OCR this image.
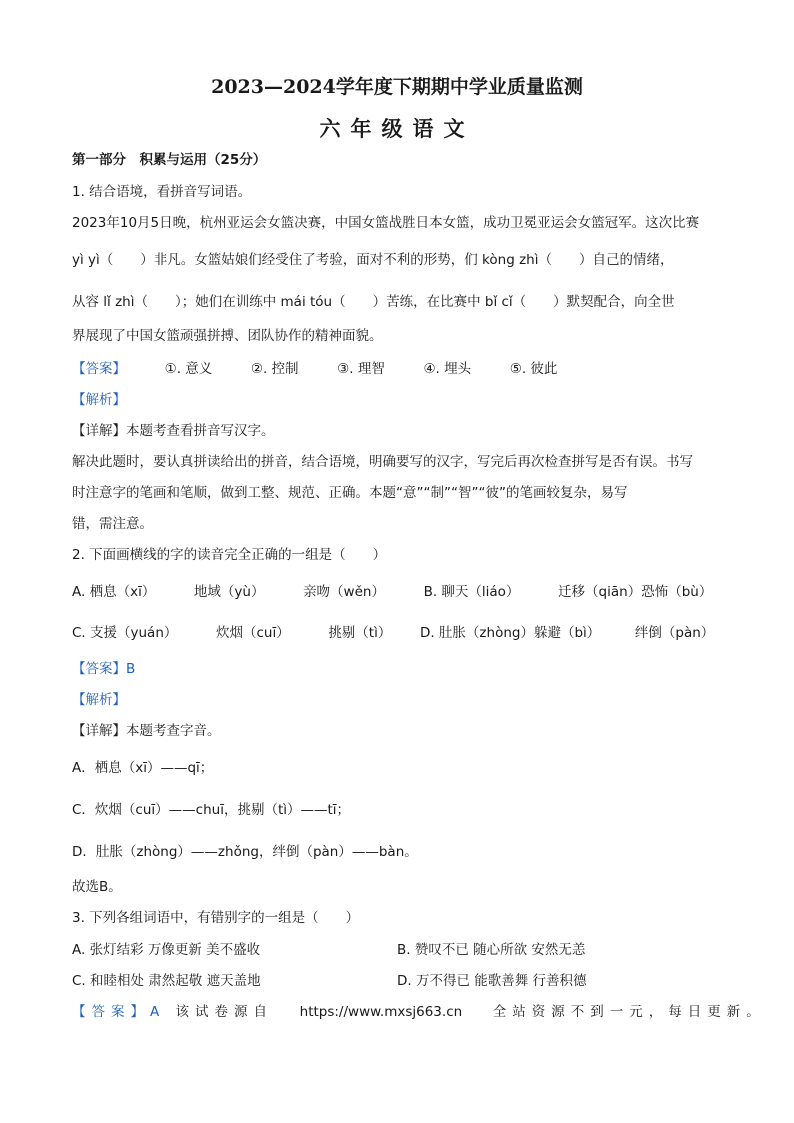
2023—2024学年度下期期中学业质量监测
六年级语文
第一部分　积累与运用（25分）
1. 结合语境，看拼音写词语。
2023年10月5日晚，杭州亚运会女篮决赛，中国女篮战胜日本女篮，成功卫冕亚运会女篮冠军。这次比赛
yì yì（　　）非凡。女篮姑娘们经受住了考验，面对不利的形势，们 kòng zhì（　　）自己的情绪，
从容 lǐ zhì（　　）；她们在训练中 mái tóu（　　）苦练，在比赛中 bǐ cǐ（　　）默契配合，向全世
界展现了中国女篮顽强拼搏、团队协作的精神面貌。
【答案】	①. 意义	②. 控制	③. 理智	④. 埋头	⑤. 彼此
【解析】
【详解】本题考查看拼音写汉字。
解决此题时，要认真拼读给出的拼音，结合语境，明确要写的汉字，写完后再次检查拼写是否有误。书写
时注意字的笔画和笔顺，做到工整、规范、正确。本题“意”“制”“智”“彼”的笔画较复杂，易写
错，需注意。
2. 下面画横线的字的读音完全正确的一组是（　　）
A. 栖息（xī）	地域（yù）	亲吻（wěn）	B. 聊天（liáo）	迁移（qiān）恐怖（bù）
C. 支援（yuán）	炊烟（cuī）	挑剔（tì） D. 肚胀（zhòng）躲避（bì）	绊倒（pàn）
【答案】B
【解析】
【详解】本题考查字音。
A．栖息（xī）——qī；
C．炊烟（cuī）——chuī，挑剔（tì）——tī；
D．肚胀（zhòng）——zhǒng，绊倒（pàn）——bàn。
故选B。
3. 下列各组词语中，有错别字的一组是（　　）
A. 张灯结彩 万像更新 美不盛收	B. 赞叹不已 随心所欲 安然无恙
C. 和睦相处 肃然起敬 遮天盖地	D. 万不得已 能歌善舞 行善积德
【答案】A 该试卷源自 https://www.mxsj663.cn 全站资源不到一元，每日更新。
